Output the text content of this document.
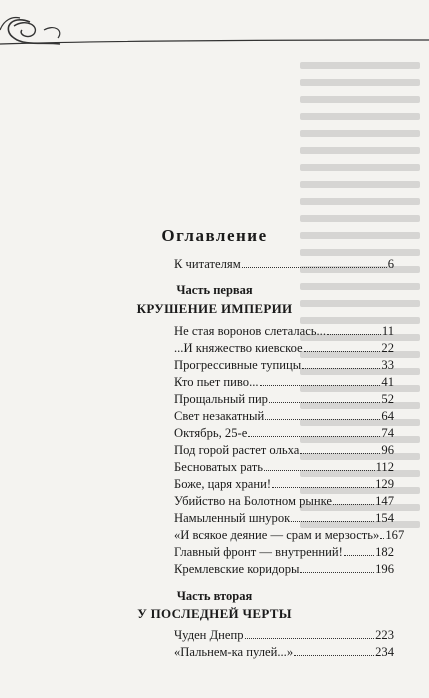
Оглавление
К читателям	6
Часть первая
КРУШЕНИЕ ИМПЕРИИ
Не стая воронов слеталась...	11
...И княжество киевское	22
Прогрессивные тупицы	33
Кто пьет пиво...	41
Прощальный пир	52
Свет незакатный	64
Октябрь, 25-е	74
Под горой растет ольха	96
Бесноватых рать	112
Боже, царя храни!	129
Убийство на Болотном рынке	147
Намыленный шнурок	154
«И всякое деяние — срам и мерзость» 167
Главный фронт — внутренний!	182
Кремлевские коридоры	196
Часть вторая
У ПОСЛЕДНЕЙ ЧЕРТЫ
Чуден Днепр	223
«Пальнем-ка пулей...»	234
